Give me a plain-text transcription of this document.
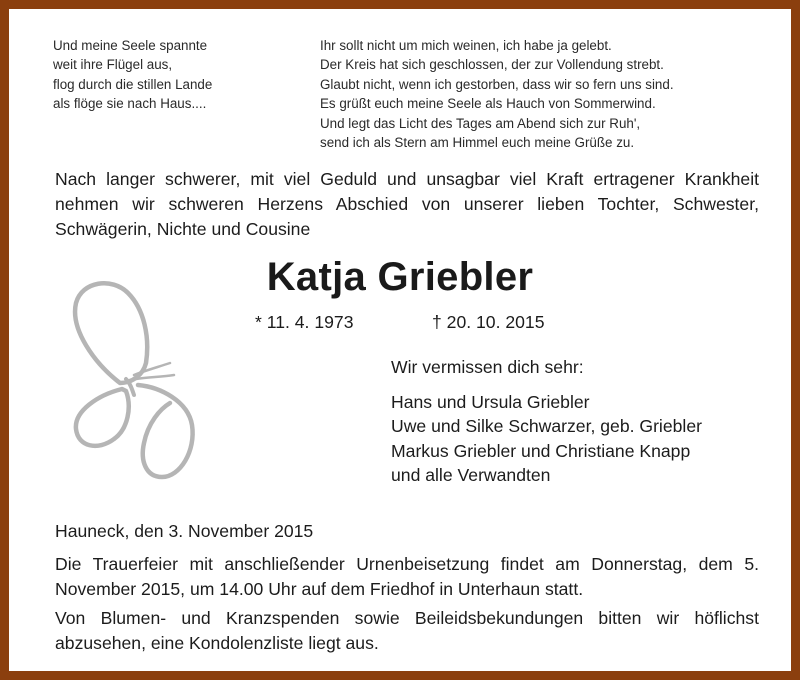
Und meine Seele spannte
weit ihre Flügel aus,
flog durch die stillen Lande
als flöge sie nach Haus....
Ihr sollt nicht um mich weinen, ich habe ja gelebt.
Der Kreis hat sich geschlossen, der zur Vollendung strebt.
Glaubt nicht, wenn ich gestorben, dass wir so fern uns sind.
Es grüßt euch meine Seele als Hauch von Sommerwind.
Und legt das Licht des Tages am Abend sich zur Ruh',
send ich als Stern am Himmel euch meine Grüße zu.
Nach langer schwerer, mit viel Geduld und unsagbar viel Kraft ertragener Krankheit nehmen wir schweren Herzens Abschied von unserer lieben Tochter, Schwester, Schwägerin, Nichte und Cousine
Katja Griebler
* 11. 4. 1973	† 20. 10. 2015
Wir vermissen dich sehr:
Hans und Ursula Griebler
Uwe und Silke Schwarzer, geb. Griebler
Markus Griebler und Christiane Knapp
und alle Verwandten
Hauneck, den 3. November 2015
Die Trauerfeier mit anschließender Urnenbeisetzung findet am Donnerstag, dem 5. November 2015, um 14.00 Uhr auf dem Friedhof in Unterhaun statt.
Von Blumen- und Kranzspenden sowie Beileidsbekundungen bitten wir höflichst abzusehen, eine Kondolenzliste liegt aus.
